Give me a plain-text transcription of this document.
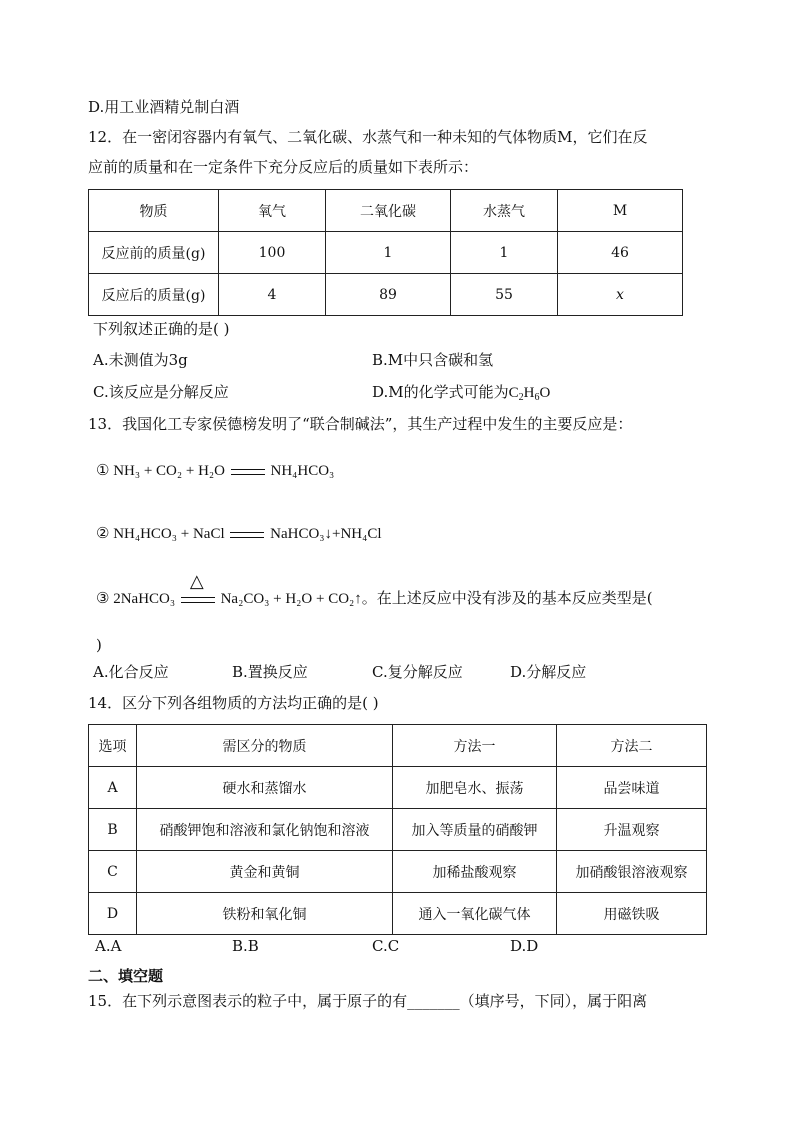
D.用工业酒精兑制白酒
12．在一密闭容器内有氧气、二氧化碳、水蒸气和一种未知的气体物质M，它们在反
应前的质量和在一定条件下充分反应后的质量如下表所示：
物质	氧气	二氧化碳	水蒸气	M
反应前的质量(g)	100	1	1	46
反应后的质量(g)	4	89	55	x
下列叙述正确的是( )
A.未测值为3g	B.M中只含碳和氢
C.该反应是分解反应	D.M的化学式可能为$C_2H_6O$
13．我国化工专家侯德榜发明了“联合制碱法”，其生产过程中发生的主要反应是：
① NH₃ + CO₂ + H₂O	NH₄HCO₃
② NH₄HCO₃ + NaCl	NaHCO₃↓+NH₄Cl
③ 2NaHCO₃
△
Na₂CO₃ + H₂O + CO₂↑。在上述反应中没有涉及的基本反应类型是(
)
A.化合反应	B.置换反应	C.复分解反应	D.分解反应
14．区分下列各组物质的方法均正确的是( )
选项	需区分的物质	方法一	方法二
A	硬水和蒸馏水	加肥皂水、振荡	品尝味道
B	硝酸钾饱和溶液和氯化钠饱和溶液	加入等质量的硝酸钾	升温观察
C	黄金和黄铜	加稀盐酸观察	加硝酸银溶液观察
D	铁粉和氧化铜	通入一氧化碳气体	用磁铁吸
A.A	B.B	C.C	D.D
二、填空题
15．在下列示意图表示的粒子中，属于原子的有_______（填序号，下同），属于阳离
